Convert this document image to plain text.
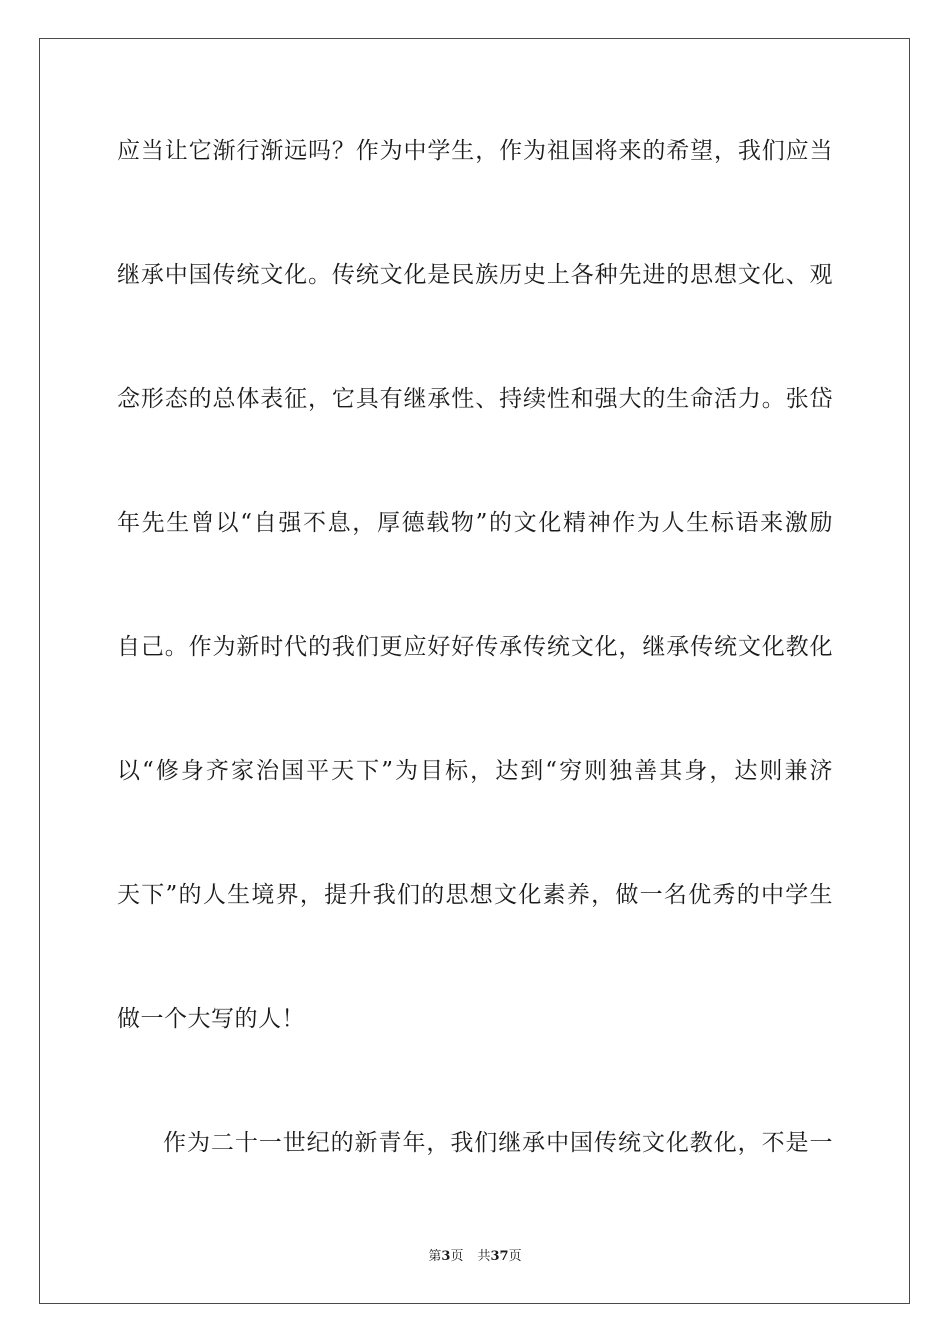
应当让它渐行渐远吗？作为中学生，作为祖国将来的希望，我们应当
继承中国传统文化。传统文化是民族历史上各种先进的思想文化、观
念形态的总体表征，它具有继承性、持续性和强大的生命活力。张岱
年先生曾以“自强不息，厚德载物”的文化精神作为人生标语来激励
自己。作为新时代的我们更应好好传承传统文化，继承传统文化教化
以“修身齐家治国平天下”为目标，达到“穷则独善其身，达则兼济
天下”的人生境界，提升我们的思想文化素养，做一名优秀的中学生
做一个大写的人！
作为二十一世纪的新青年，我们继承中国传统文化教化，不是一
第3页 共37页
